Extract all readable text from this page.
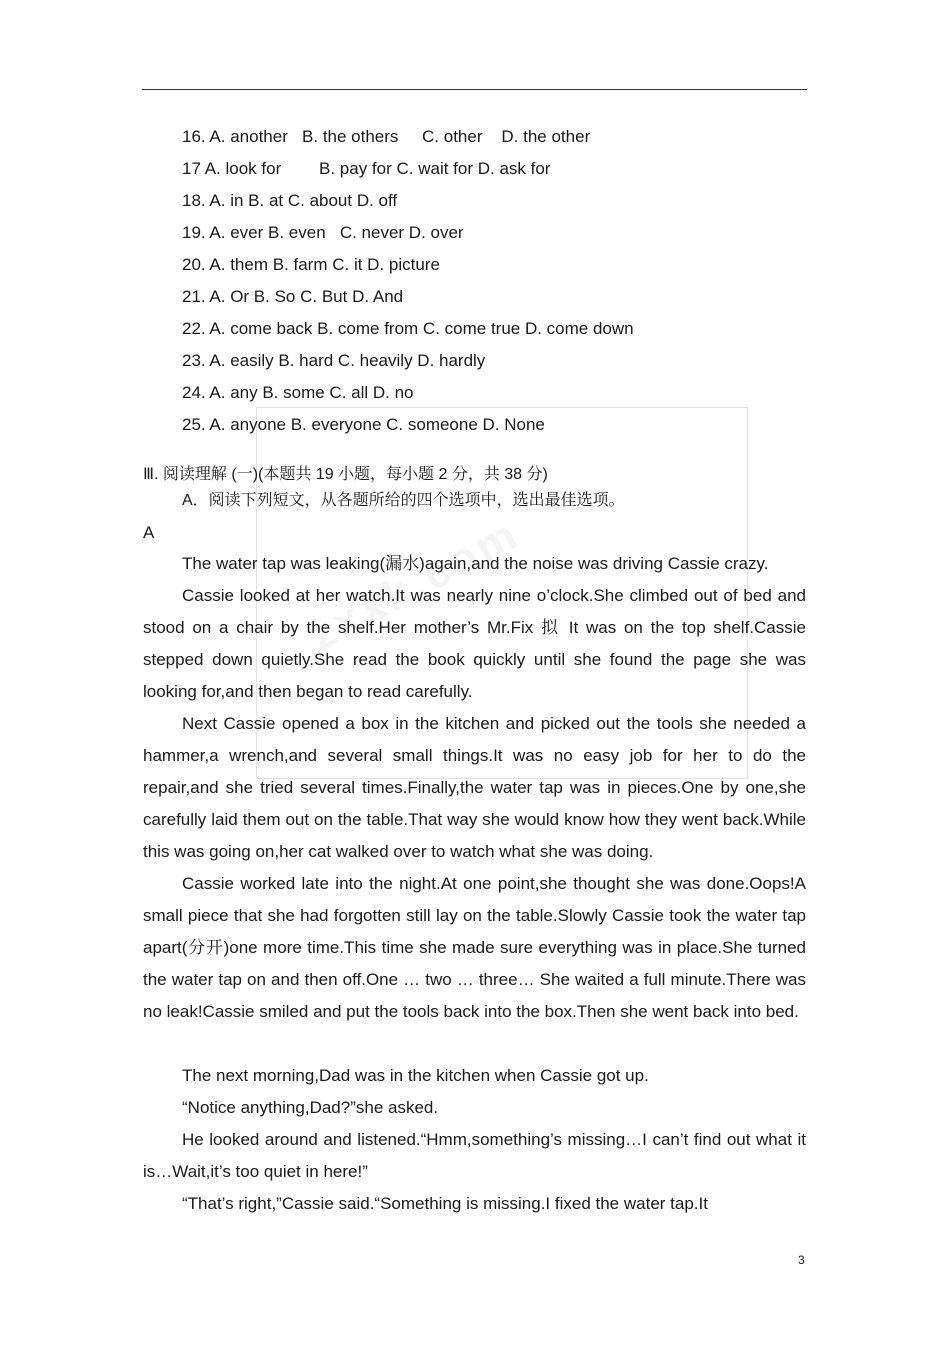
16. A. another   B. the others     C. other    D. the other
17 A. look for        B. pay for C. wait for D. ask for
18. A. in B. at C. about D. off
19. A. ever B. even   C. never D. over
20. A. them B. farm C. it D. picture
21. A. Or B. So C. But D. And
22. A. come back B. come from C. come true D. come down
23. A. easily B. hard C. heavily D. hardly
24. A. any B. some C. all D. no
25. A. anyone B. everyone C. someone D. None
Ⅲ. 阅读理解 (一)(本题共 19 小题，每小题 2 分，共 38 分)
A．阅读下列短文，从各题所给的四个选项中，选出最佳选项。
A

The water tap was leaking(漏水)again,and the noise was driving Cassie crazy.

Cassie looked at her watch.It was nearly nine o’clock.She climbed out of bed and stood on a chair by the shelf.Her mother’s Mr.Fix 拟 It was on the top shelf.Cassie stepped down quietly.She read the book quickly until she found the page she was looking for,and then began to read carefully.

Next Cassie opened a box in the kitchen and picked out the tools she needed a hammer,a wrench,and several small things.It was no easy job for her to do the repair,and she tried several times.Finally,the water tap was in pieces.One by one,she carefully laid them out on the table.That way she would know how they went back.While this was going on,her cat walked over to watch what she was doing.

Cassie worked late into the night.At one point,she thought she was done.Oops!A small piece that she had forgotten still lay on the table.Slowly Cassie took the water tap apart(分开)one more time.This time she made sure everything was in place.She turned the water tap on and then off.One … two … three… She waited a full minute.There was no leak!Cassie smiled and put the tools back into the box.Then she went back into bed.

The next morning,Dad was in the kitchen when Cassie got up.

“Notice anything,Dad?”she asked.

He looked around and listened.“Hmm,something’s missing…I can’t find out what it is…Wait,it’s too quiet in here!”

“That’s right,”Cassie said.“Something is missing.I fixed the water tap.It

3
